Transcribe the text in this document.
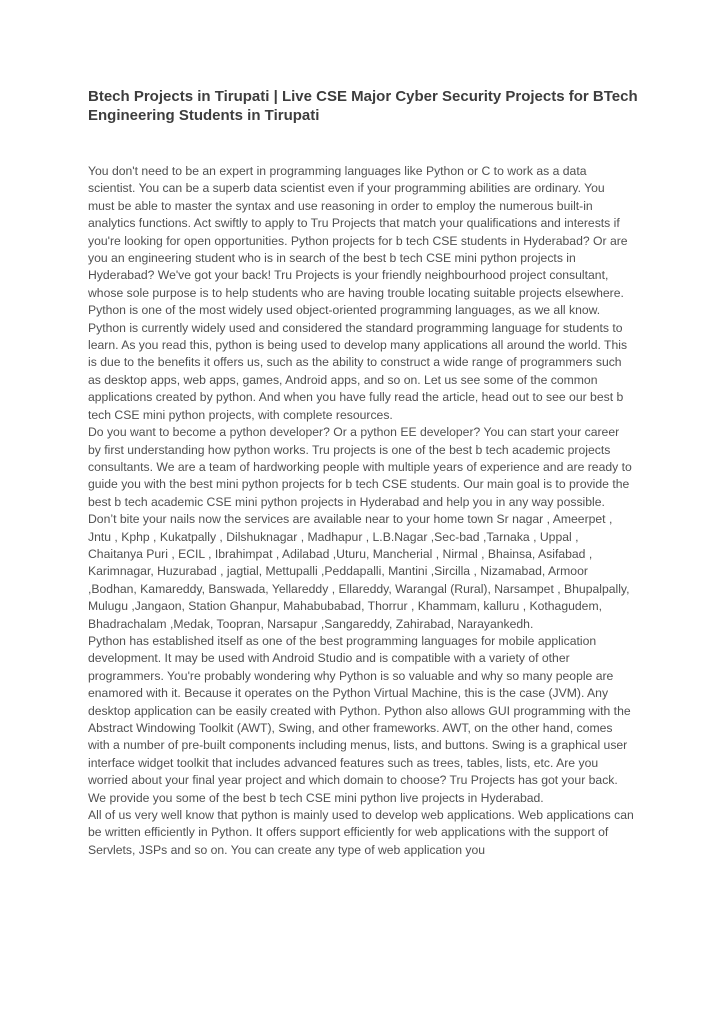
Btech Projects in Tirupati | Live CSE Major Cyber Security Projects for BTech Engineering Students in Tirupati

You don't need to be an expert in programming languages like Python or C to work as a data scientist. You can be a superb data scientist even if your programming abilities are ordinary. You must be able to master the syntax and use reasoning in order to employ the numerous built-in analytics functions. Act swiftly to apply to Tru Projects that match your qualifications and interests if you're looking for open opportunities. Python projects for b tech CSE students in Hyderabad? Or are you an engineering student who is in search of the best b tech CSE mini python projects in Hyderabad? We've got your back! Tru Projects is your friendly neighbourhood project consultant, whose sole purpose is to help students who are having trouble locating suitable projects elsewhere.

Python is one of the most widely used object-oriented programming languages, as we all know. Python is currently widely used and considered the standard programming language for students to learn. As you read this, python is being used to develop many applications all around the world. This is due to the benefits it offers us, such as the ability to construct a wide range of programmers such as desktop apps, web apps, games, Android apps, and so on. Let us see some of the common applications created by python. And when you have fully read the article, head out to see our best b tech CSE mini python projects, with complete resources.

Do you want to become a python developer? Or a python EE developer? You can start your career by first understanding how python works. Tru projects is one of the best b tech academic projects consultants. We are a team of hardworking people with multiple years of experience and are ready to guide you with the best mini python projects for b tech CSE students. Our main goal is to provide the best b tech academic CSE mini python projects in Hyderabad and help you in any way possible. Don’t bite your nails now the services are available near to your home town Sr nagar , Ameerpet , Jntu , Kphp , Kukatpally , Dilshuknagar , Madhapur , L.B.Nagar ,Sec-bad ,Tarnaka , Uppal , Chaitanya Puri , ECIL , Ibrahimpat , Adilabad ,Uturu, Mancherial , Nirmal , Bhainsa, Asifabad , Karimnagar, Huzurabad , jagtial, Mettupalli ,Peddapalli, Mantini ,Sircilla , Nizamabad, Armoor ,Bodhan, Kamareddy, Banswada, Yellareddy , Ellareddy, Warangal (Rural), Narsampet , Bhupalpally, Mulugu ,Jangaon, Station Ghanpur, Mahabubabad, Thorrur , Khammam, kalluru , Kothagudem, Bhadrachalam ,Medak, Toopran, Narsapur ,Sangareddy, Zahirabad, Narayankedh.

Python has established itself as one of the best programming languages for mobile application development. It may be used with Android Studio and is compatible with a variety of other programmers. You're probably wondering why Python is so valuable and why so many people are enamored with it. Because it operates on the Python Virtual Machine, this is the case (JVM). Any desktop application can be easily created with Python. Python also allows GUI programming with the Abstract Windowing Toolkit (AWT), Swing, and other frameworks. AWT, on the other hand, comes with a number of pre-built components including menus, lists, and buttons. Swing is a graphical user interface widget toolkit that includes advanced features such as trees, tables, lists, etc. Are you worried about your final year project and which domain to choose? Tru Projects has got your back. We provide you some of the best b tech CSE mini python live projects in Hyderabad.

All of us very well know that python is mainly used to develop web applications. Web applications can be written efficiently in Python. It offers support efficiently for web applications with the support of Servlets, JSPs and so on. You can create any type of web application you
